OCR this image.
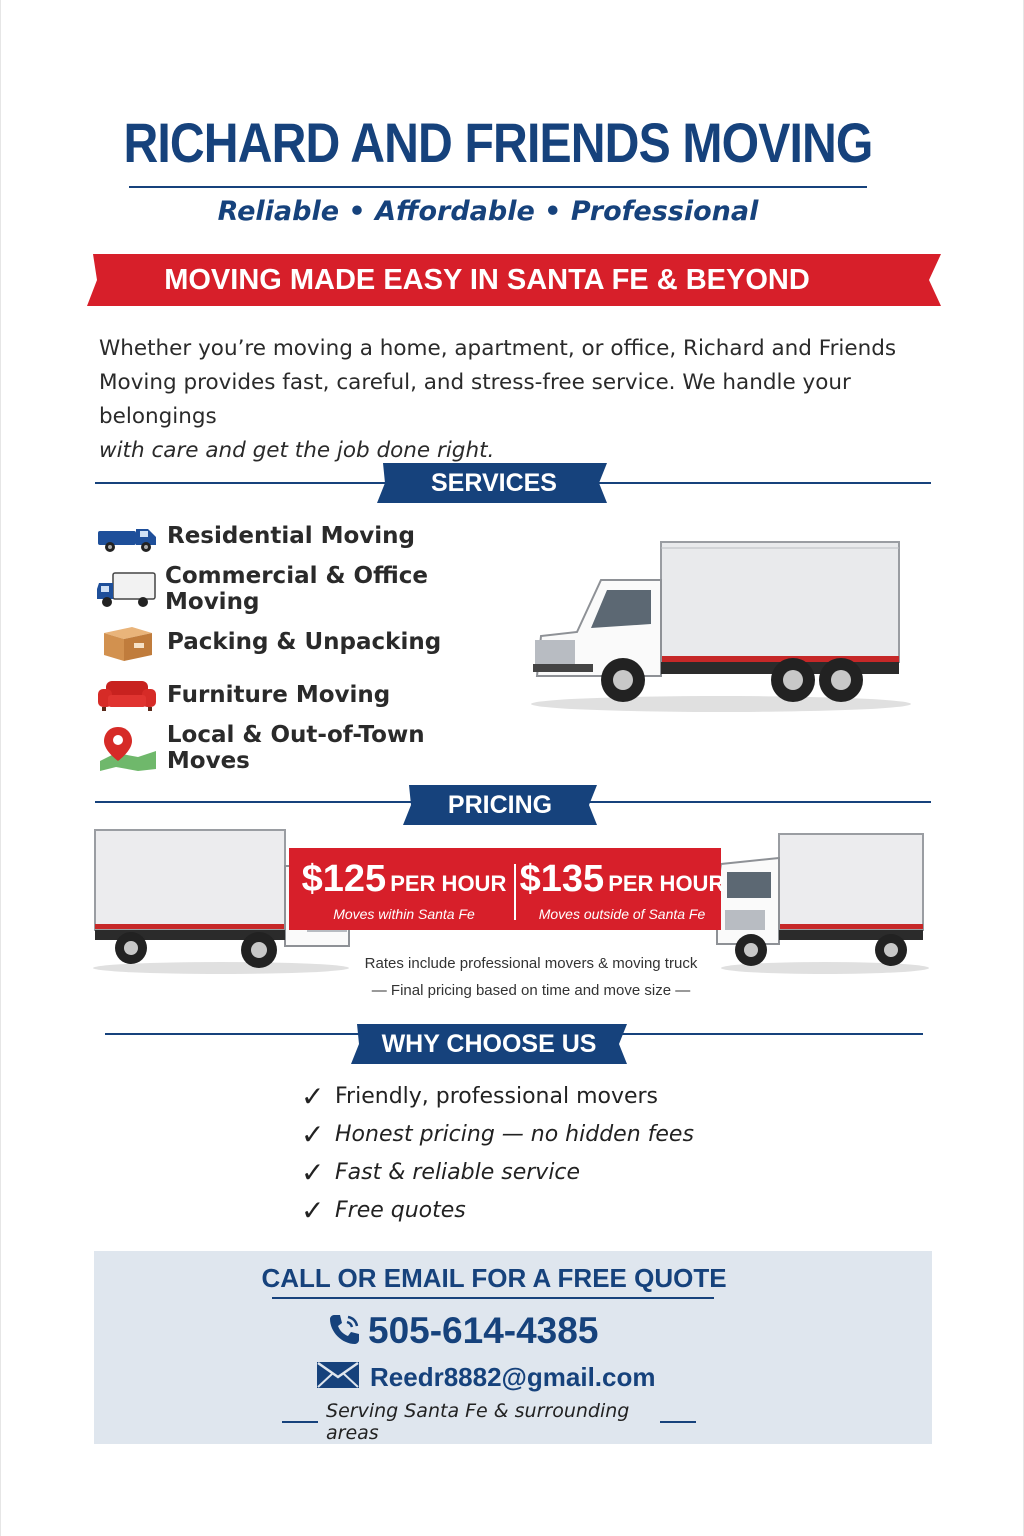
RICHARD AND FRIENDS MOVING
Reliable • Affordable • Professional
MOVING MADE EASY IN SANTA FE & BEYOND
Whether you’re moving a home, apartment, or office, Richard and Friends
Moving provides fast, careful, and stress-free service. We handle your belongings
with care and get the job done right.
SERVICES
Residential Moving
Commercial & Office Moving
Packing & Unpacking
Furniture Moving
Local & Out-of-Town Moves
PRICING
$125 PER HOUR
Moves within Santa Fe
$135 PER HOUR
Moves outside of Santa Fe
Rates include professional movers & moving truck
— Final pricing based on time and move size —
WHY CHOOSE US
✓ Friendly, professional movers
✓ Honest pricing — no hidden fees
✓ Fast & reliable service
✓ Free quotes
CALL OR EMAIL FOR A FREE QUOTE
505-614-4385
Reedr8882@gmail.com
Serving Santa Fe & surrounding areas
